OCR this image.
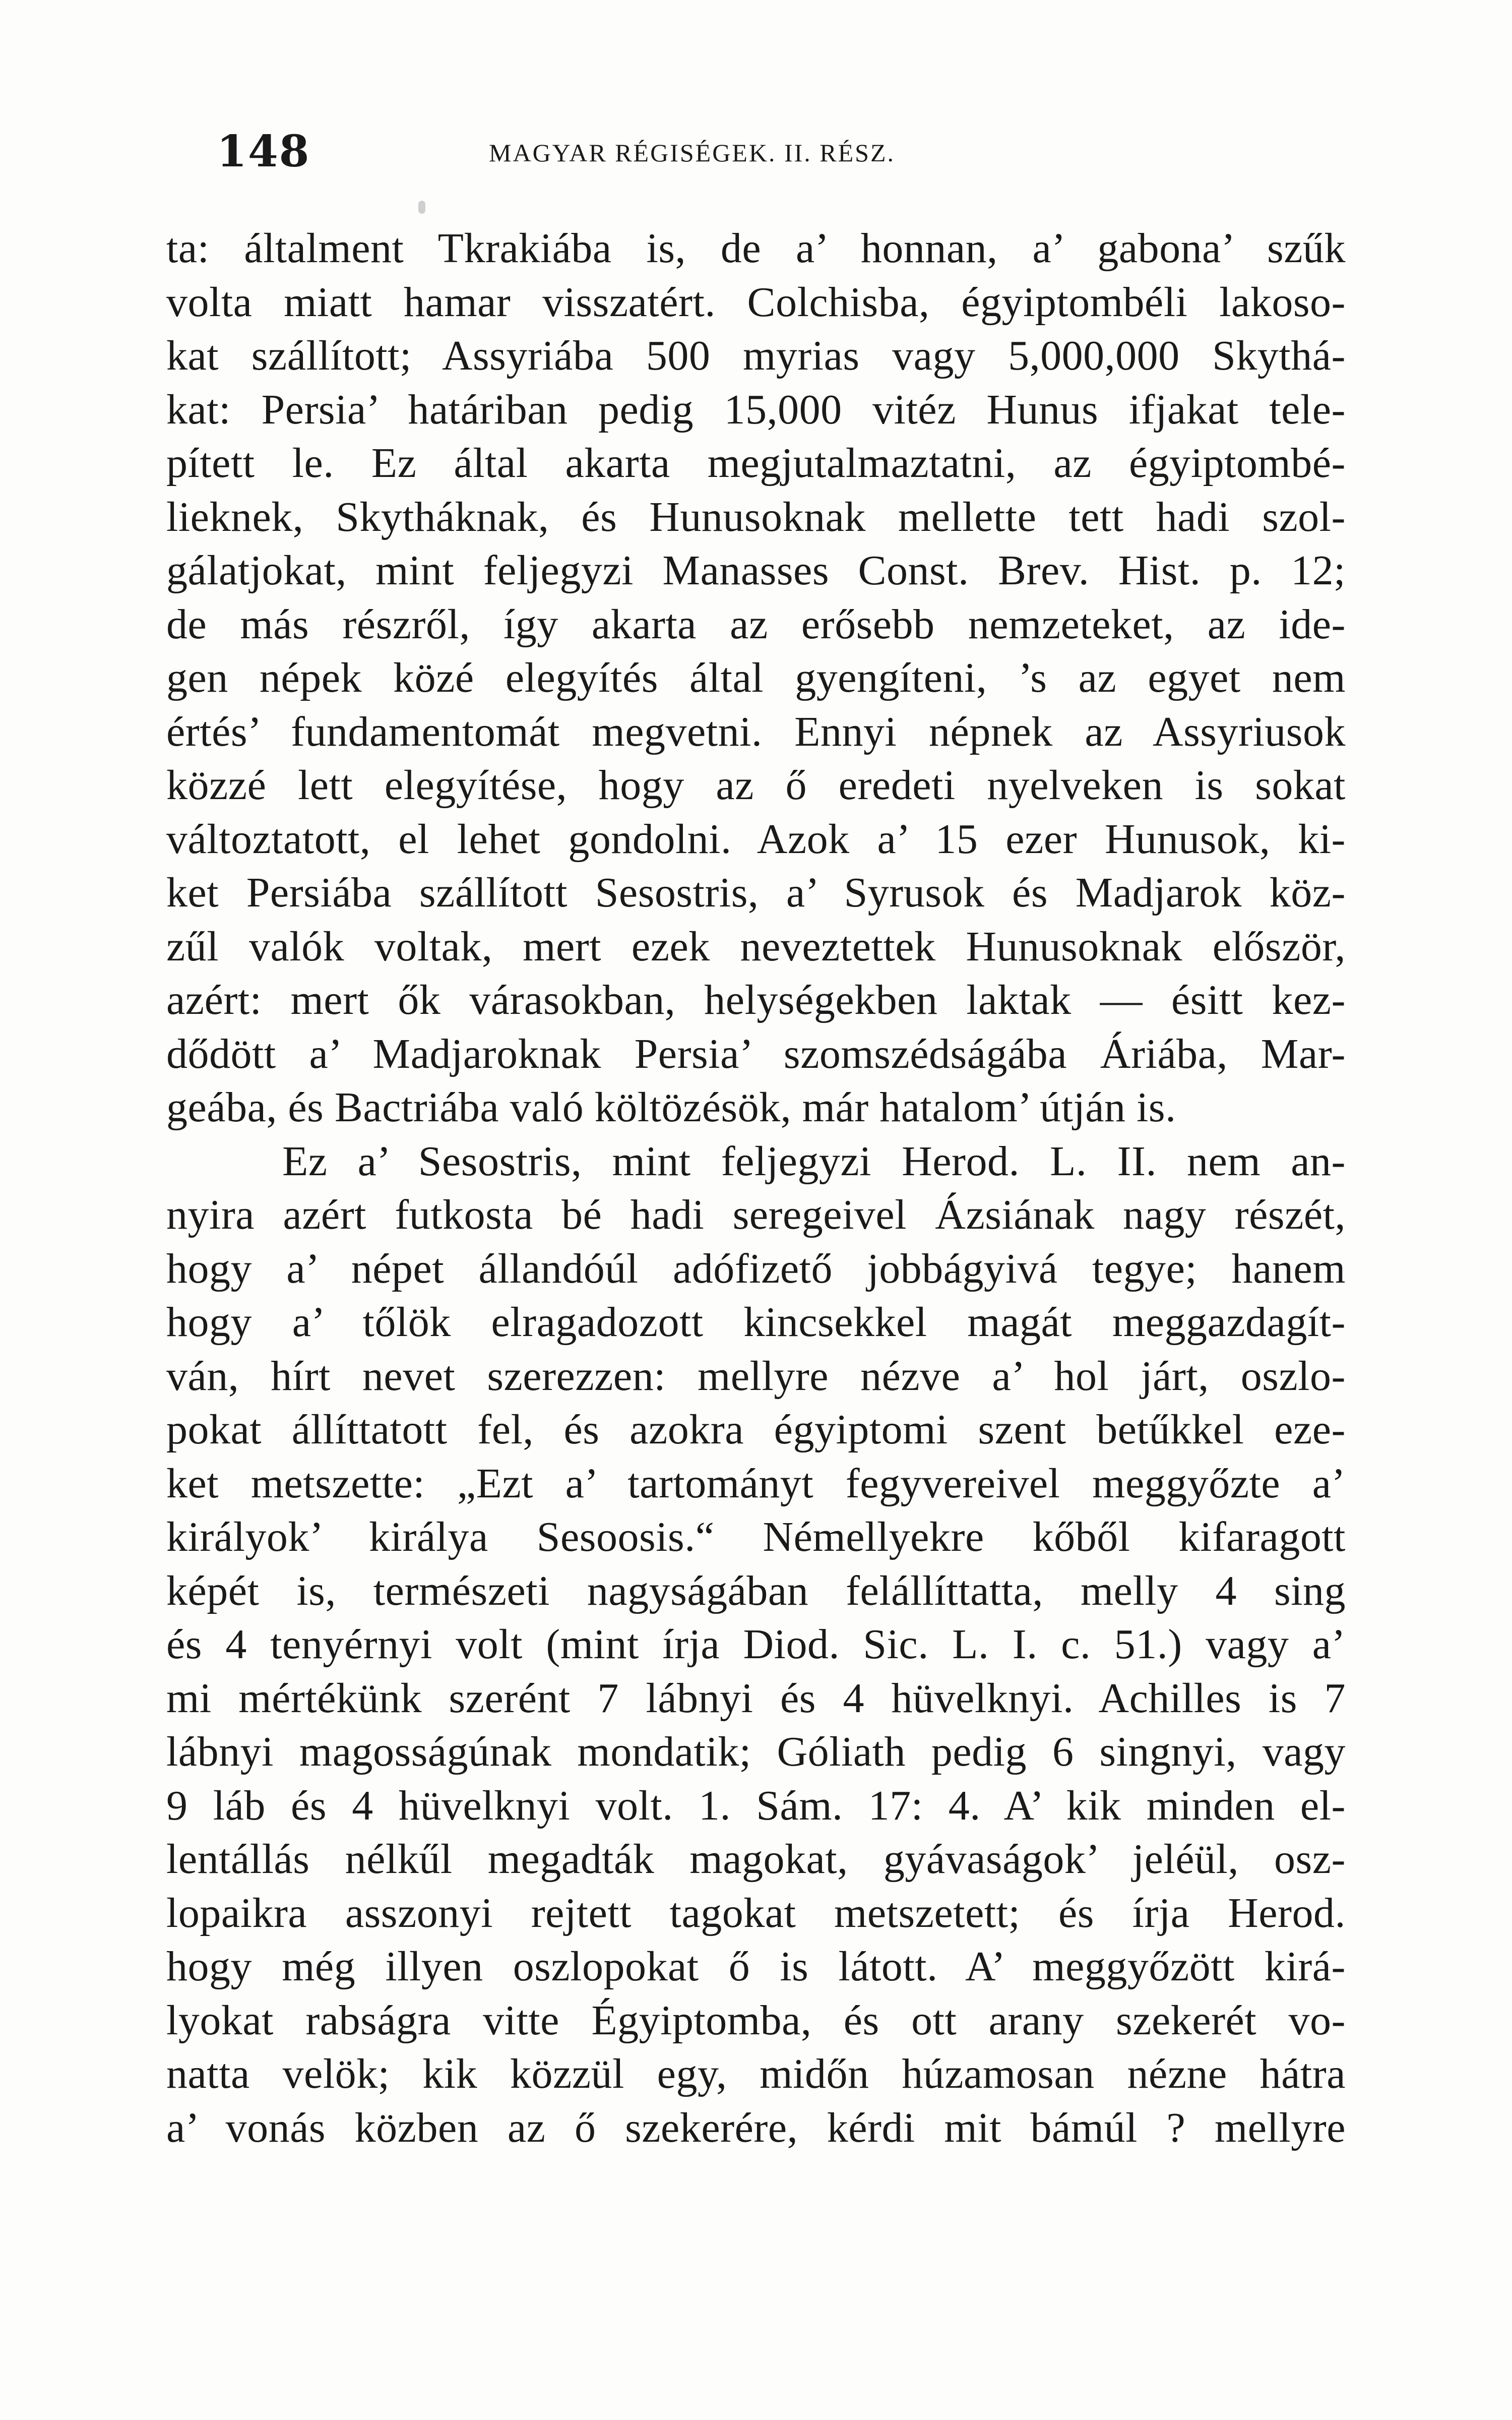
148	MAGYAR RÉGISÉGEK. II. RÉSZ.
ta: általment Tkrakiába is, de a’ honnan, a’ gabona’ szűk
volta miatt hamar visszatért. Colchisba, égyiptombéli lakoso-
kat szállított; Assyriába 500 myrias vagy 5,000,000 Skythá-
kat: Persia’ határiban pedig 15,000 vitéz Hunus ifjakat tele-
pített le. Ez által akarta megjutalmaztatni, az égyiptombé-
lieknek, Skytháknak, és Hunusoknak mellette tett hadi szol-
gálatjokat, mint feljegyzi Manasses Const. Brev. Hist. p. 12;
de más részről, így akarta az erősebb nemzeteket, az ide-
gen népek közé elegyítés által gyengíteni, ’s az egyet nem
értés’ fundamentomát megvetni. Ennyi népnek az Assyriusok
közzé lett elegyítése, hogy az ő eredeti nyelveken is sokat
változtatott, el lehet gondolni. Azok a’ 15 ezer Hunusok, ki-
ket Persiába szállított Sesostris, a’ Syrusok és Madjarok köz-
zűl valók voltak, mert ezek neveztettek Hunusoknak először,
azért: mert ők várasokban, helységekben laktak — ésitt kez-
dődött a’ Madjaroknak Persia’ szomszédságába Áriába, Mar-
geába, és Bactriába való költözésök, már hatalom’ útján is.
Ez a’ Sesostris, mint feljegyzi Herod. L. II. nem an-
nyira azért futkosta bé hadi seregeivel Ázsiának nagy részét,
hogy a’ népet állandóúl adófizető jobbágyivá tegye; hanem
hogy a’ tőlök elragadozott kincsekkel magát meggazdagít-
ván, hírt nevet szerezzen: mellyre nézve a’ hol járt, oszlo-
pokat állíttatott fel, és azokra égyiptomi szent betűkkel eze-
ket metszette: „Ezt a’ tartományt fegyvereivel meggyőzte a’
királyok’ királya Sesoosis.“ Némellyekre kőből kifaragott
képét is, természeti nagyságában felállíttatta, melly 4 sing
és 4 tenyérnyi volt (mint írja Diod. Sic. L. I. c. 51.) vagy a’
mi mértékünk szerént 7 lábnyi és 4 hüvelknyi. Achilles is 7
lábnyi magosságúnak mondatik; Góliath pedig 6 singnyi, vagy
9 láb és 4 hüvelknyi volt. 1. Sám. 17: 4. A’ kik minden el-
lentállás nélkűl megadták magokat, gyávaságok’ jeléül, osz-
lopaikra asszonyi rejtett tagokat metszetett; és írja Herod.
hogy még illyen oszlopokat ő is látott. A’ meggyőzött kirá-
lyokat rabságra vitte Égyiptomba, és ott arany szekerét vo-
natta velök; kik közzül egy, midőn húzamosan nézne hátra
a’ vonás közben az ő szekerére, kérdi mit bámúl ? mellyre
